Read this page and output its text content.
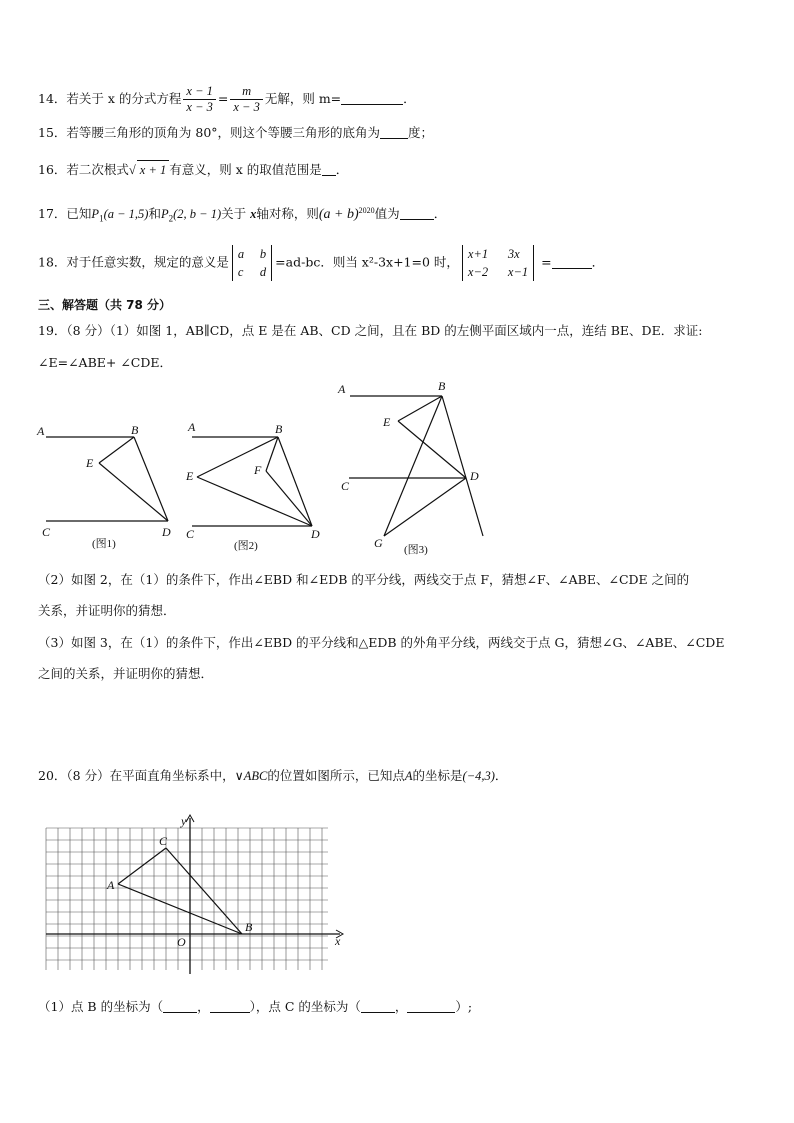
14．若关于 x 的分式方程 $\frac{x - 1}{x - 3} = \frac{m}{x - 3}$ 无解，则 m=	．
15．若等腰三角形的顶角为 80°，则这个等腰三角形的底角为 度；
16．若二次根式√ x + 1 有意义，则 x 的取值范围是 ．
17．已知$P_1(a - 1,5)$和$P_2(2$, b − 1)关于 x轴对称，则$(a + b)^{2020}$值为	．
18．对于任意实数，规定的意义是
a b
c d
=ad-bc．则当 x²-3x+1=0 时，
x+1 3x
x−2 x−1
=	．
三、解答题（共 78 分）
19．（8 分）（1）如图 1，AB∥CD，点 E 是在 AB、CD 之间，且在 BD 的左侧平面区域内一点，连结 BE、DE．求证:
∠E=∠ABE+ ∠CDE．
A	B
E
C	D
(图1)
A	B
E	F
C	D
(图2)
A	B
E
C
D
G (图3)
（2）如图 2，在（1）的条件下，作出∠EBD 和∠EDB 的平分线，两线交于点 F，猜想∠F、∠ABE、∠CDE 之间的
关系，并证明你的猜想．
（3）如图 3，在（1）的条件下，作出∠EBD 的平分线和△EDB 的外角平分线，两线交于点 G，猜想∠G、∠ABE、∠CDE
之间的关系，并证明你的猜想．
20．（8 分）在平面直角坐标系中，∨ABC的位置如图所示，已知点A的坐标是(−4,3)．
y
x
O
A
B
C
（1）点 B 的坐标为（	，	），点 C 的坐标为（	，	）;
